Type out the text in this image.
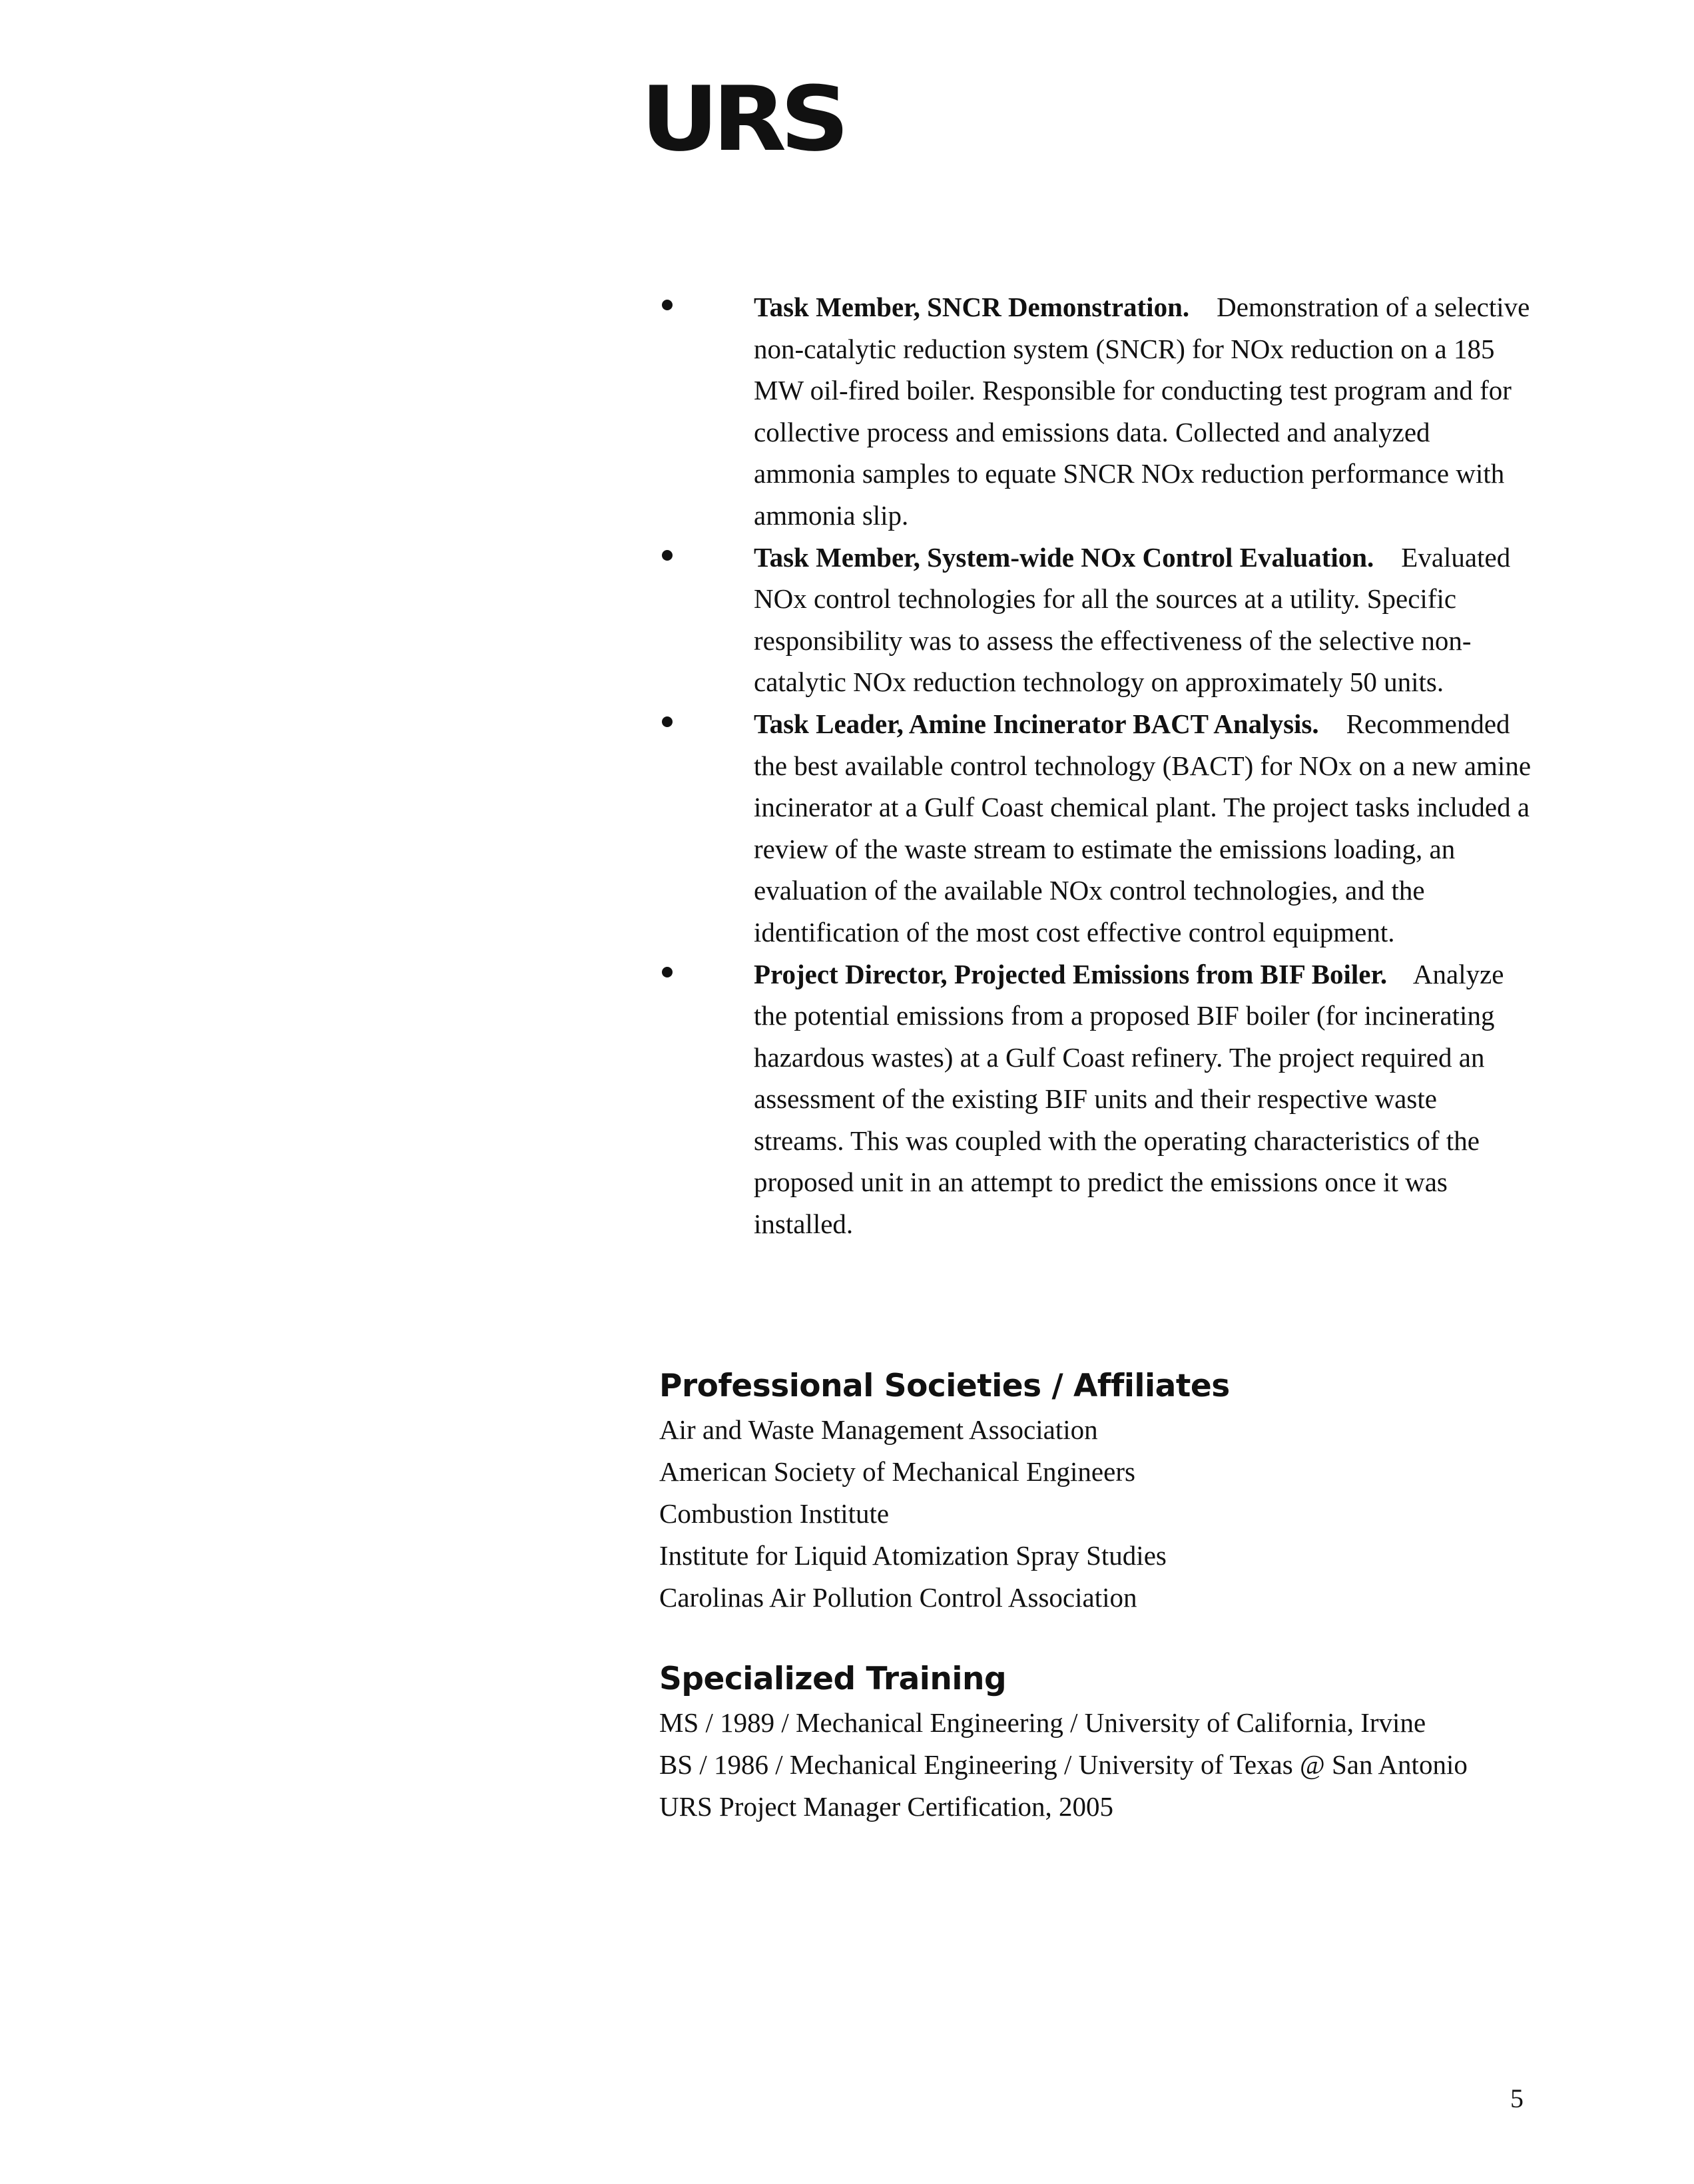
URS
Task Member, SNCR Demonstration. Demonstration of a selective non-catalytic reduction system (SNCR) for NOx reduction on a 185 MW oil-fired boiler. Responsible for conducting test program and for collective process and emissions data. Collected and analyzed ammonia samples to equate SNCR NOx reduction performance with ammonia slip.
Task Member, System-wide NOx Control Evaluation. Evaluated NOx control technologies for all the sources at a utility. Specific responsibility was to assess the effectiveness of the selective non-catalytic NOx reduction technology on approximately 50 units.
Task Leader, Amine Incinerator BACT Analysis. Recommended the best available control technology (BACT) for NOx on a new amine incinerator at a Gulf Coast chemical plant. The project tasks included a review of the waste stream to estimate the emissions loading, an evaluation of the available NOx control technologies, and the identification of the most cost effective control equipment.
Project Director, Projected Emissions from BIF Boiler. Analyze the potential emissions from a proposed BIF boiler (for incinerating hazardous wastes) at a Gulf Coast refinery. The project required an assessment of the existing BIF units and their respective waste streams. This was coupled with the operating characteristics of the proposed unit in an attempt to predict the emissions once it was installed.
Professional Societies / Affiliates
Air and Waste Management Association
American Society of Mechanical Engineers
Combustion Institute
Institute for Liquid Atomization Spray Studies
Carolinas Air Pollution Control Association
Specialized Training
MS / 1989 / Mechanical Engineering / University of California, Irvine
BS / 1986 / Mechanical Engineering / University of Texas @ San Antonio
URS Project Manager Certification, 2005
5
